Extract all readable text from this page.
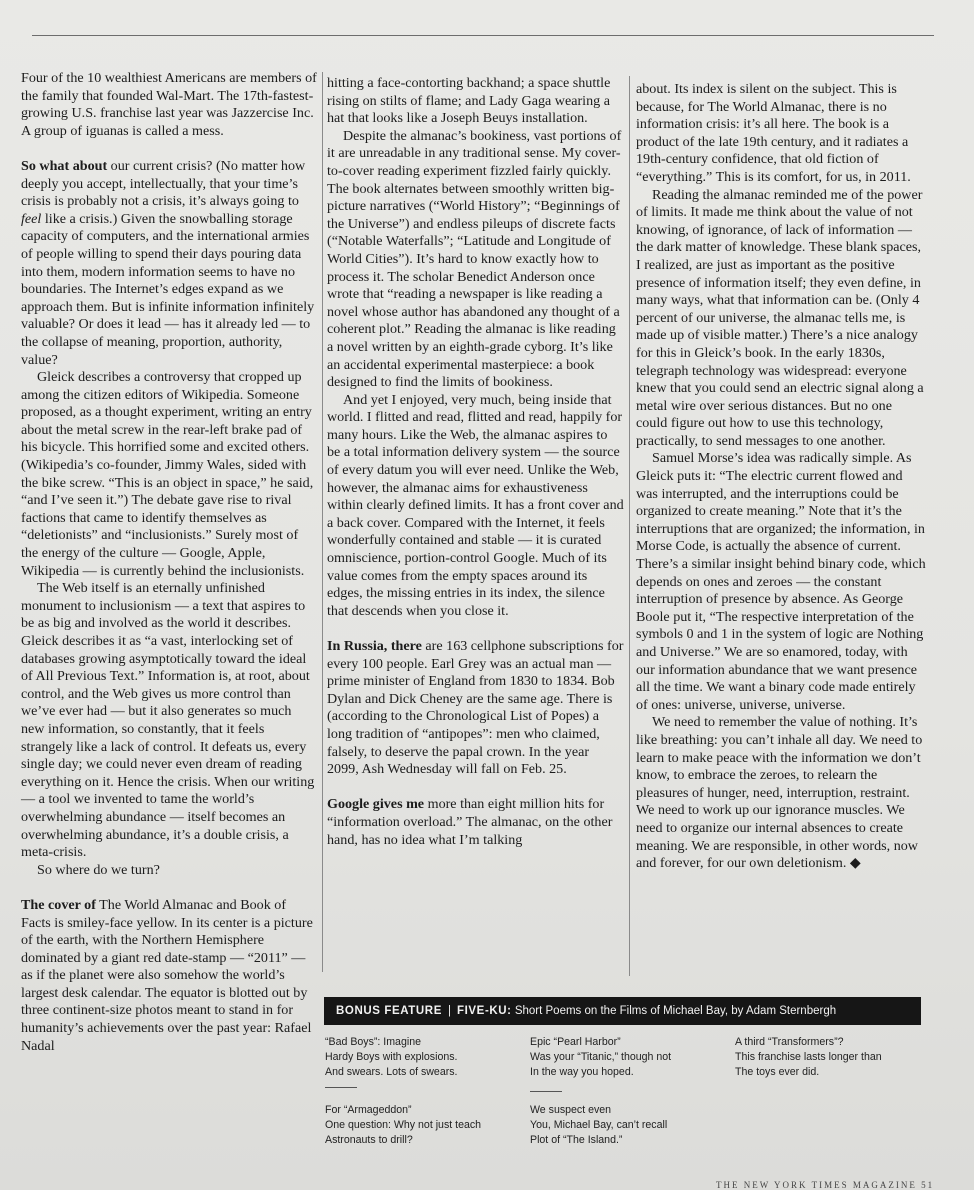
Four of the 10 wealthiest Americans are members of the family that founded Wal-Mart. The 17th-fastest-growing U.S. franchise last year was Jazzercise Inc. A group of iguanas is called a mess.

So what about our current crisis? (No matter how deeply you accept, intellectually, that your time’s crisis is probably not a crisis, it’s always going to feel like a crisis.) Given the snowballing storage capacity of computers, and the international armies of people willing to spend their days pouring data into them, modern information seems to have no boundaries. The Internet’s edges expand as we approach them. But is infinite information infinitely valuable? Or does it lead — has it already led — to the collapse of meaning, proportion, authority, value?

Gleick describes a controversy that cropped up among the citizen editors of Wikipedia. Someone proposed, as a thought experiment, writing an entry about the metal screw in the rear-left brake pad of his bicycle. This horrified some and excited others. (Wikipedia’s co-founder, Jimmy Wales, sided with the bike screw. “This is an object in space,” he said, “and I’ve seen it.”) The debate gave rise to rival factions that came to identify themselves as “deletionists” and “inclusionists.” Surely most of the energy of the culture — Google, Apple, Wikipedia — is currently behind the inclusionists.

The Web itself is an eternally unfinished monument to inclusionism — a text that aspires to be as big and involved as the world it describes. Gleick describes it as “a vast, interlocking set of databases growing asymptotically toward the ideal of All Previous Text.” Information is, at root, about control, and the Web gives us more control than we’ve ever had — but it also generates so much new information, so constantly, that it feels strangely like a lack of control. It defeats us, every single day; we could never even dream of reading everything on it. Hence the crisis. When our writing — a tool we invented to tame the world’s overwhelming abundance — itself becomes an overwhelming abundance, it’s a double crisis, a meta-crisis.

So where do we turn?

The cover of The World Almanac and Book of Facts is smiley-face yellow. In its center is a picture of the earth, with the Northern Hemisphere dominated by a giant red date-stamp — “2011” — as if the planet were also somehow the world’s largest desk calendar. The equator is blotted out by three continent-size photos meant to stand in for humanity’s achievements over the past year: Rafael Nadal

hitting a face-contorting backhand; a space shuttle rising on stilts of flame; and Lady Gaga wearing a hat that looks like a Joseph Beuys installation.

Despite the almanac’s bookiness, vast portions of it are unreadable in any traditional sense. My cover-to-cover reading experiment fizzled fairly quickly. The book alternates between smoothly written big-picture narratives (“World History”; “Beginnings of the Universe”) and endless pileups of discrete facts (“Notable Waterfalls”; “Latitude and Longitude of World Cities”). It’s hard to know exactly how to process it. The scholar Benedict Anderson once wrote that “reading a newspaper is like reading a novel whose author has abandoned any thought of a coherent plot.” Reading the almanac is like reading a novel written by an eighth-grade cyborg. It’s like an accidental experimental masterpiece: a book designed to find the limits of bookiness.

And yet I enjoyed, very much, being inside that world. I flitted and read, flitted and read, happily for many hours. Like the Web, the almanac aspires to be a total information delivery system — the source of every datum you will ever need. Unlike the Web, however, the almanac aims for exhaustiveness within clearly defined limits. It has a front cover and a back cover. Compared with the Internet, it feels wonderfully contained and stable — it is curated omniscience, portion-control Google. Much of its value comes from the empty spaces around its edges, the missing entries in its index, the silence that descends when you close it.

In Russia, there are 163 cellphone subscriptions for every 100 people. Earl Grey was an actual man — prime minister of England from 1830 to 1834. Bob Dylan and Dick Cheney are the same age. There is (according to the Chronological List of Popes) a long tradition of “antipopes”: men who claimed, falsely, to deserve the papal crown. In the year 2099, Ash Wednesday will fall on Feb. 25.

Google gives me more than eight million hits for “information overload.” The almanac, on the other hand, has no idea what I’m talking

about. Its index is silent on the subject. This is because, for The World Almanac, there is no information crisis: it’s all here. The book is a product of the late 19th century, and it radiates a 19th-century confidence, that old fiction of “everything.” This is its comfort, for us, in 2011.

Reading the almanac reminded me of the power of limits. It made me think about the value of not knowing, of ignorance, of lack of information — the dark matter of knowledge. These blank spaces, I realized, are just as important as the positive presence of information itself; they even define, in many ways, what that information can be. (Only 4 percent of our universe, the almanac tells me, is made up of visible matter.) There’s a nice analogy for this in Gleick’s book. In the early 1830s, telegraph technology was widespread: everyone knew that you could send an electric signal along a metal wire over serious distances. But no one could figure out how to use this technology, practically, to send messages to one another.

Samuel Morse’s idea was radically simple. As Gleick puts it: “The electric current flowed and was interrupted, and the interruptions could be organized to create meaning.” Note that it’s the interruptions that are organized; the information, in Morse Code, is actually the absence of current. There’s a similar insight behind binary code, which depends on ones and zeroes — the constant interruption of presence by absence. As George Boole put it, “The respective interpretation of the symbols 0 and 1 in the system of logic are Nothing and Universe.” We are so enamored, today, with our information abundance that we want presence all the time. We want a binary code made entirely of ones: universe, universe, universe.

We need to remember the value of nothing. It’s like breathing: you can’t inhale all day. We need to learn to make peace with the information we don’t know, to embrace the zeroes, to relearn the pleasures of hunger, need, interruption, restraint. We need to work up our ignorance muscles. We need to organize our internal absences to create meaning. We are responsible, in other words, now and forever, for our own deletionism. ◆

BONUS FEATURE | FIVE-KU: Short Poems on the Films of Michael Bay, by Adam Sternbergh
“Bad Boys”: Imagine
Hardy Boys with explosions.
And swears. Lots of swears.
Epic “Pearl Harbor”
Was your “Titanic,” though not
In the way you hoped.
A third “Transformers”?
This franchise lasts longer than
The toys ever did.
For “Armageddon”
One question: Why not just teach
Astronauts to drill?
We suspect even
You, Michael Bay, can’t recall
Plot of “The Island.”
THE NEW YORK TIMES MAGAZINE 51
